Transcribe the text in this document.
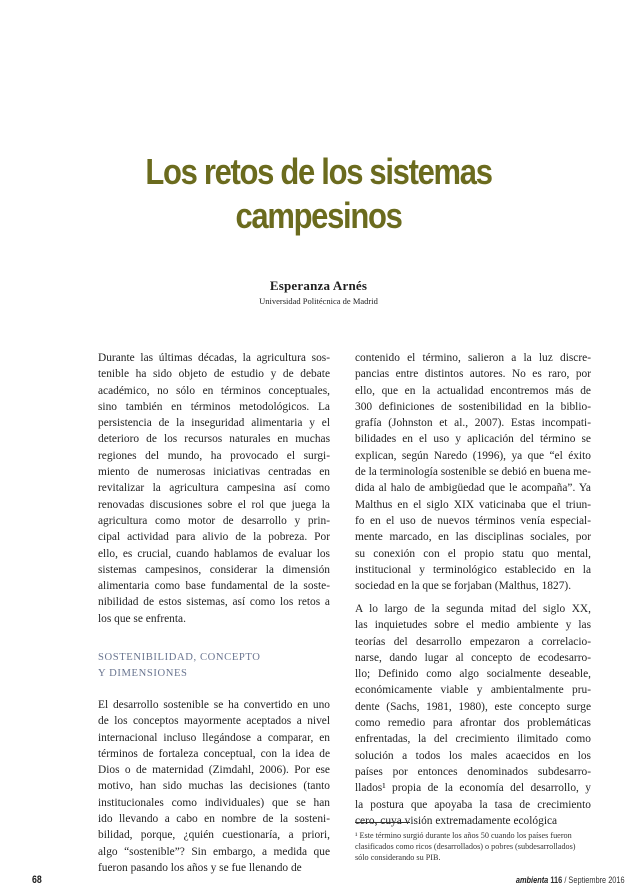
Los retos de los sistemas
campesinos
Esperanza Arnés
Universidad Politécnica de Madrid
Durante las últimas décadas, la agricultura sos-
tenible ha sido objeto de estudio y de debate
académico, no sólo en términos conceptuales,
sino también en términos metodológicos. La
persistencia de la inseguridad alimentaria y el
deterioro de los recursos naturales en muchas
regiones del mundo, ha provocado el surgi-
miento de numerosas iniciativas centradas en
revitalizar la agricultura campesina así como
renovadas discusiones sobre el rol que juega la
agricultura como motor de desarrollo y prin-
cipal actividad para alivio de la pobreza. Por
ello, es crucial, cuando hablamos de evaluar los
sistemas campesinos, considerar la dimensión
alimentaria como base fundamental de la soste-
nibilidad de estos sistemas, así como los retos a
los que se enfrenta.
SOSTENIBILIDAD, CONCEPTO
Y DIMENSIONES
El desarrollo sostenible se ha convertido en uno
de los conceptos mayormente aceptados a nivel
internacional incluso llegándose a comparar, en
términos de fortaleza conceptual, con la idea de
Dios o de maternidad (Zimdahl, 2006). Por ese
motivo, han sido muchas las decisiones (tanto
institucionales como individuales) que se han
ido llevando a cabo en nombre de la sosteni-
bilidad, porque, ¿quién cuestionaría, a priori,
algo “sostenible”? Sin embargo, a medida que
fueron pasando los años y se fue llenando de
contenido el término, salieron a la luz discre-
pancias entre distintos autores. No es raro, por
ello, que en la actualidad encontremos más de
300 definiciones de sostenibilidad en la biblio-
grafía (Johnston et al., 2007). Estas incompati-
bilidades en el uso y aplicación del término se
explican, según Naredo (1996), ya que “el éxito
de la terminología sostenible se debió en buena me-
dida al halo de ambigüedad que le acompaña”. Ya
Malthus en el siglo XIX vaticinaba que el triun-
fo en el uso de nuevos términos venía especial-
mente marcado, en las disciplinas sociales, por
su conexión con el propio statu quo mental,
institucional y terminológico establecido en la
sociedad en la que se forjaban (Malthus, 1827).
A lo largo de la segunda mitad del siglo XX,
las inquietudes sobre el medio ambiente y las
teorías del desarrollo empezaron a correlacio-
narse, dando lugar al concepto de ecodesarro-
llo; Definido como algo socialmente deseable,
económicamente viable y ambientalmente pru-
dente (Sachs, 1981, 1980), este concepto surge
como remedio para afrontar dos problemáticas
enfrentadas, la del crecimiento ilimitado como
solución a todos los males acaecidos en los
países por entonces denominados subdesarro-
llados¹ propia de la economía del desarrollo, y
la postura que apoyaba la tasa de crecimiento
cero, cuya visión extremadamente ecológica
¹ Este término surgió durante los años 50 cuando los países fueron clasificados como ricos (desarrollados) o pobres (subdesarrollados) sólo considerando su PIB.
68	ambienta 116 / Septiembre 2016
